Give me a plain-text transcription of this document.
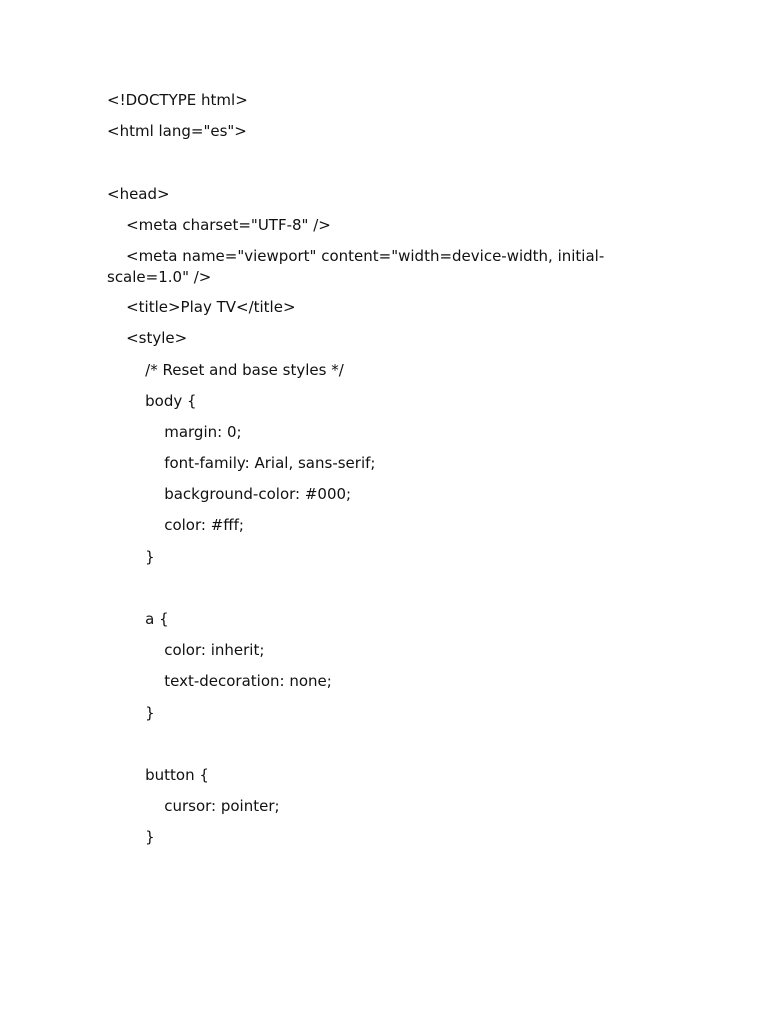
<!DOCTYPE html>
<html lang="es">
<head>
<meta charset="UTF-8" />
<meta name="viewport" content="width=device-width, initial-scale=1.0" />
<title>Play TV</title>
<style>
/* Reset and base styles */
body {
margin: 0;
font-family: Arial, sans-serif;
background-color: #000;
color: #fff;
}
a {
color: inherit;
text-decoration: none;
}
button {
cursor: pointer;
}
